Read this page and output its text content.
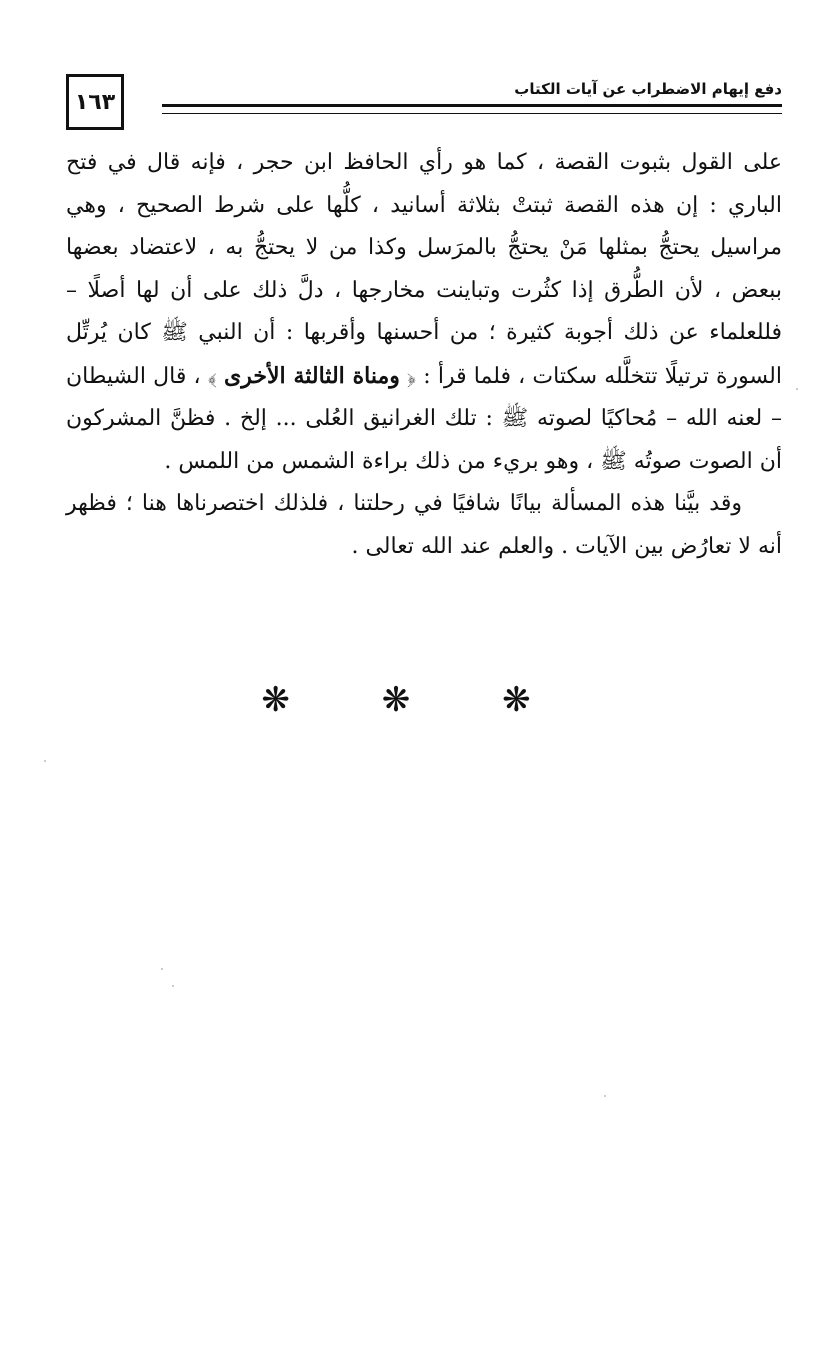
١٦٣
دفع إيهام الاضطراب عن آيات الكتاب

على القول بثبوت القصة ، كما هو رأي الحافظ ابن حجر ، فإنه قال في فتح الباري : إن هذه القصة ثبتتْ بثلاثة أسانيد ، كلُّها على شرط الصحيح ، وهي مراسيل يحتجُّ بمثلها مَنْ يحتجُّ بالمرَسل وكذا من لا يحتجُّ به ، لاعتضاد بعضها ببعض ، لأن الطُّرق إذا كثُرت وتباينت مخارجها ، دلَّ ذلك على أن لها أصلًا – فللعلماء عن ذلك أجوبة كثيرة ؛ من أحسنها وأقربها : أن النبي ﷺ كان يُرتِّل السورة ترتيلًا تتخلَّله سكتات ، فلما قرأ : ﴿ ومناة الثالثة الأخرى ﴾ ، قال الشيطان – لعنه الله – مُحاكيًا لصوته ﷺ : تلك الغرانيق العُلى ... إلخ . فظنَّ المشركون أن الصوت صوتُه ﷺ ، وهو بريء من ذلك براءة الشمس من اللمس .

وقد بيَّنا هذه المسألة بيانًا شافيًا في رحلتنا ، فلذلك اختصرناها هنا ؛ فظهر أنه لا تعارُض بين الآيات . والعلم عند الله تعالى .

❋ ❋ ❋
